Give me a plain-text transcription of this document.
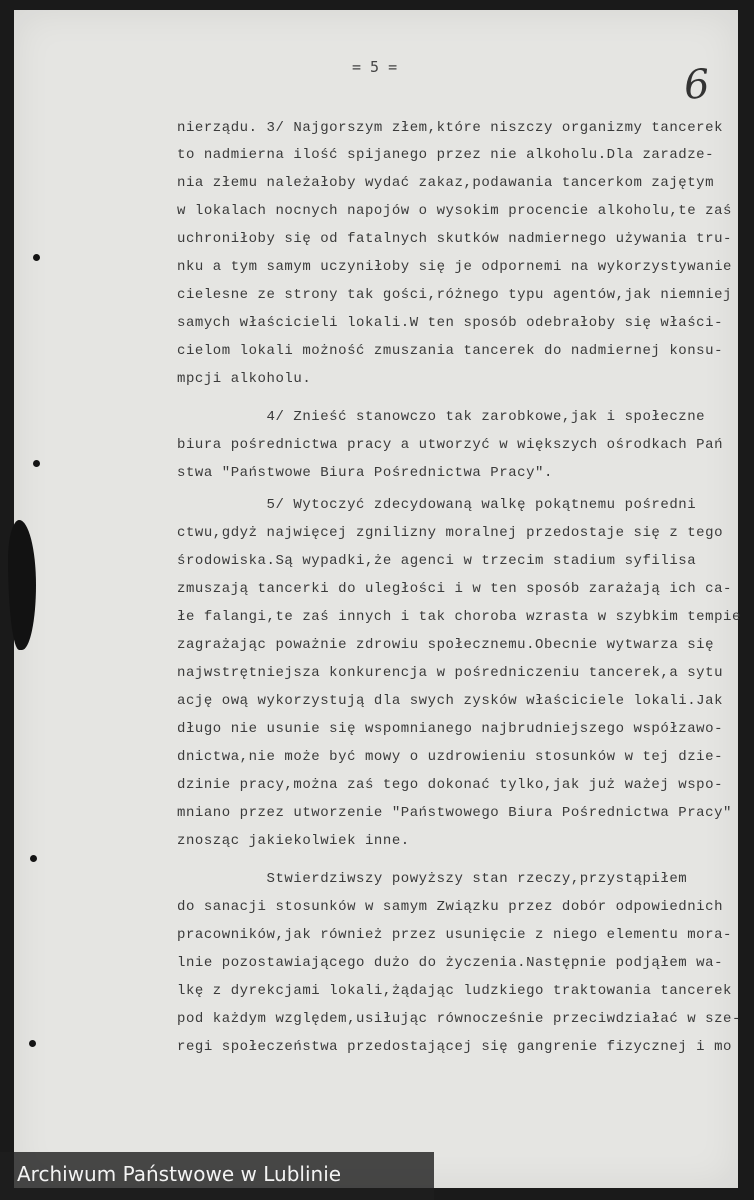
= 5 =	6
nierządu. 3/ Najgorszym złem,które niszczy organizmy tancerek
to nadmierna ilość spijanego przez nie alkoholu.Dla zaradze-
nia złemu należałoby wydać zakaz,podawania tancerkom zajętym
w lokalach nocnych napojów o wysokim procencie alkoholu,te zaś
uchroniłoby się od fatalnych skutków nadmiernego używania tru-
nku a tym samym uczyniłoby się je odpornemi na wykorzystywanie
cielesne ze strony tak gości,różnego typu agentów,jak niemniej
samych właścicieli lokali.W ten sposób odebrałoby się właści-
cielom lokali możność zmuszania tancerek do nadmiernej konsu-
mpcji alkoholu.
4/ Znieść stanowczo tak zarobkowe,jak i społeczne
biura pośrednictwa pracy a utworzyć w większych ośrodkach Pań
stwa "Państwowe Biura Pośrednictwa Pracy".
5/ Wytoczyć zdecydowaną walkę pokątnemu pośredni
ctwu,gdyż najwięcej zgnilizny moralnej przedostaje się z tego
środowiska.Są wypadki,że agenci w trzecim stadium syfilisa
zmuszają tancerki do uległości i w ten sposób zarażają ich ca-
łe falangi,te zaś innych i tak choroba wzrasta w szybkim tempie
zagrażając poważnie zdrowiu społecznemu.Obecnie wytwarza się
najwstrętniejsza konkurencja w pośredniczeniu tancerek,a sytu
ację ową wykorzystują dla swych zysków właściciele lokali.Jak
długo nie usunie się wspomnianego najbrudniejszego współzawo-
dnictwa,nie może być mowy o uzdrowieniu stosunków w tej dzie-
dzinie pracy,można zaś tego dokonać tylko,jak już ważej wspo-
mniano przez utworzenie "Państwowego Biura Pośrednictwa Pracy"
znosząc jakiekolwiek inne.
Stwierdziwszy powyższy stan rzeczy,przystąpiłem
do sanacji stosunków w samym Związku przez dobór odpowiednich
pracowników,jak również przez usunięcie z niego elementu mora-
lnie pozostawiającego dużo do życzenia.Następnie podjąłem wa-
lkę z dyrekcjami lokali,żądając ludzkiego traktowania tancerek
pod każdym względem,usiłując równocześnie przeciwdziałać w sze-
regi społeczeństwa przedostającej się gangrenie fizycznej i mo
Archiwum Państwowe w Lublinie
